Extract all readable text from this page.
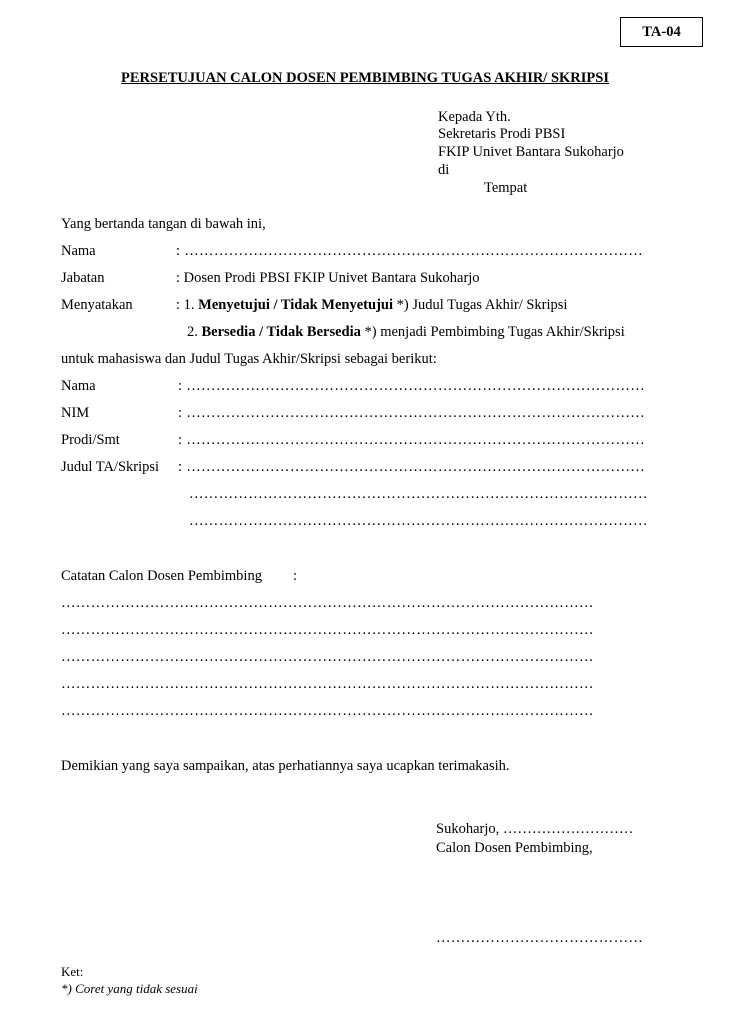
TA-04
PERSETUJUAN CALON DOSEN PEMBIMBING TUGAS AKHIR/ SKRIPSI
Kepada Yth.
Sekretaris Prodi PBSI
FKIP Univet Bantara Sukoharjo
di
Tempat
Yang bertanda tangan di bawah ini,
Nama	: …………………………………………………………………………………
Jabatan	: Dosen Prodi PBSI FKIP Univet Bantara Sukoharjo
Menyatakan	: 1. Menyetujui / Tidak Menyetujui *) Judul Tugas Akhir/ Skripsi
2. Bersedia / Tidak Bersedia *) menjadi Pembimbing Tugas Akhir/Skripsi
untuk mahasiswa dan Judul Tugas Akhir/Skripsi sebagai berikut:
Nama	: …………………………………………………………………………………
NIM	: …………………………………………………………………………………
Prodi/Smt	: …………………………………………………………………………………
Judul TA/Skripsi : …………………………………………………………………………………
…………………………………………………………………………………
…………………………………………………………………………………
Catatan Calon Dosen Pembimbing :
………………………………………………………………………………………………
………………………………………………………………………………………………
………………………………………………………………………………………………
………………………………………………………………………………………………
………………………………………………………………………………………………
Demikian yang saya sampaikan, atas perhatiannya saya ucapkan terimakasih.
Sukoharjo, ………………………
Calon Dosen Pembimbing,
……………………………………
Ket:
*) Coret yang tidak sesuai
